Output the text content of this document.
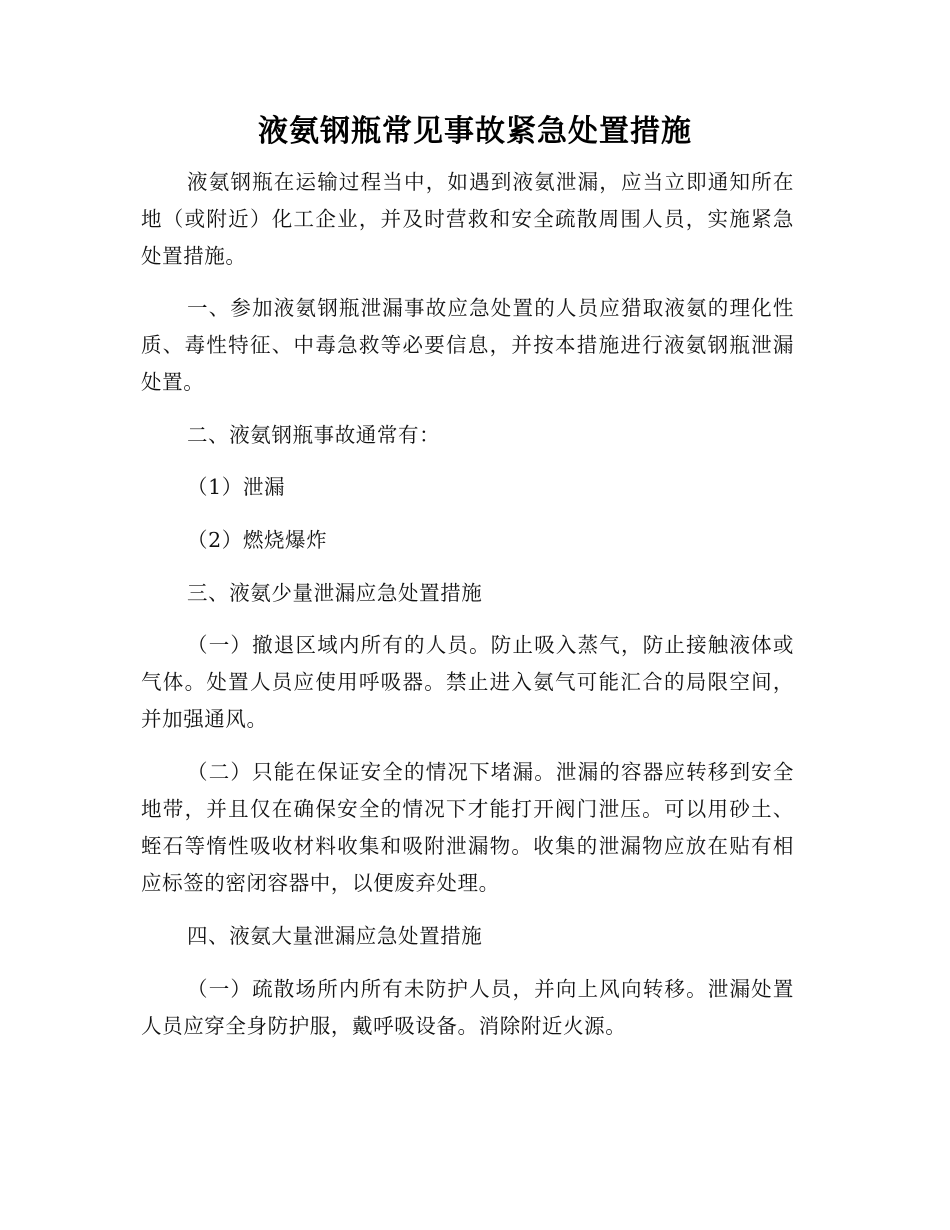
液氨钢瓶常见事故紧急处置措施

液氨钢瓶在运输过程当中，如遇到液氨泄漏，应当立即通知所在地（或附近）化工企业，并及时营救和安全疏散周围人员，实施紧急处置措施。

一、参加液氨钢瓶泄漏事故应急处置的人员应猎取液氨的理化性质、毒性特征、中毒急救等必要信息，并按本措施进行液氨钢瓶泄漏处置。

二、液氨钢瓶事故通常有：

（1）泄漏

（2）燃烧爆炸

三、液氨少量泄漏应急处置措施

（一）撤退区域内所有的人员。防止吸入蒸气，防止接触液体或气体。处置人员应使用呼吸器。禁止进入氨气可能汇合的局限空间，并加强通风。

（二）只能在保证安全的情况下堵漏。泄漏的容器应转移到安全地带，并且仅在确保安全的情况下才能打开阀门泄压。可以用砂土、蛭石等惰性吸收材料收集和吸附泄漏物。收集的泄漏物应放在贴有相应标签的密闭容器中，以便废弃处理。

四、液氨大量泄漏应急处置措施

（一）疏散场所内所有未防护人员，并向上风向转移。泄漏处置人员应穿全身防护服，戴呼吸设备。消除附近火源。
